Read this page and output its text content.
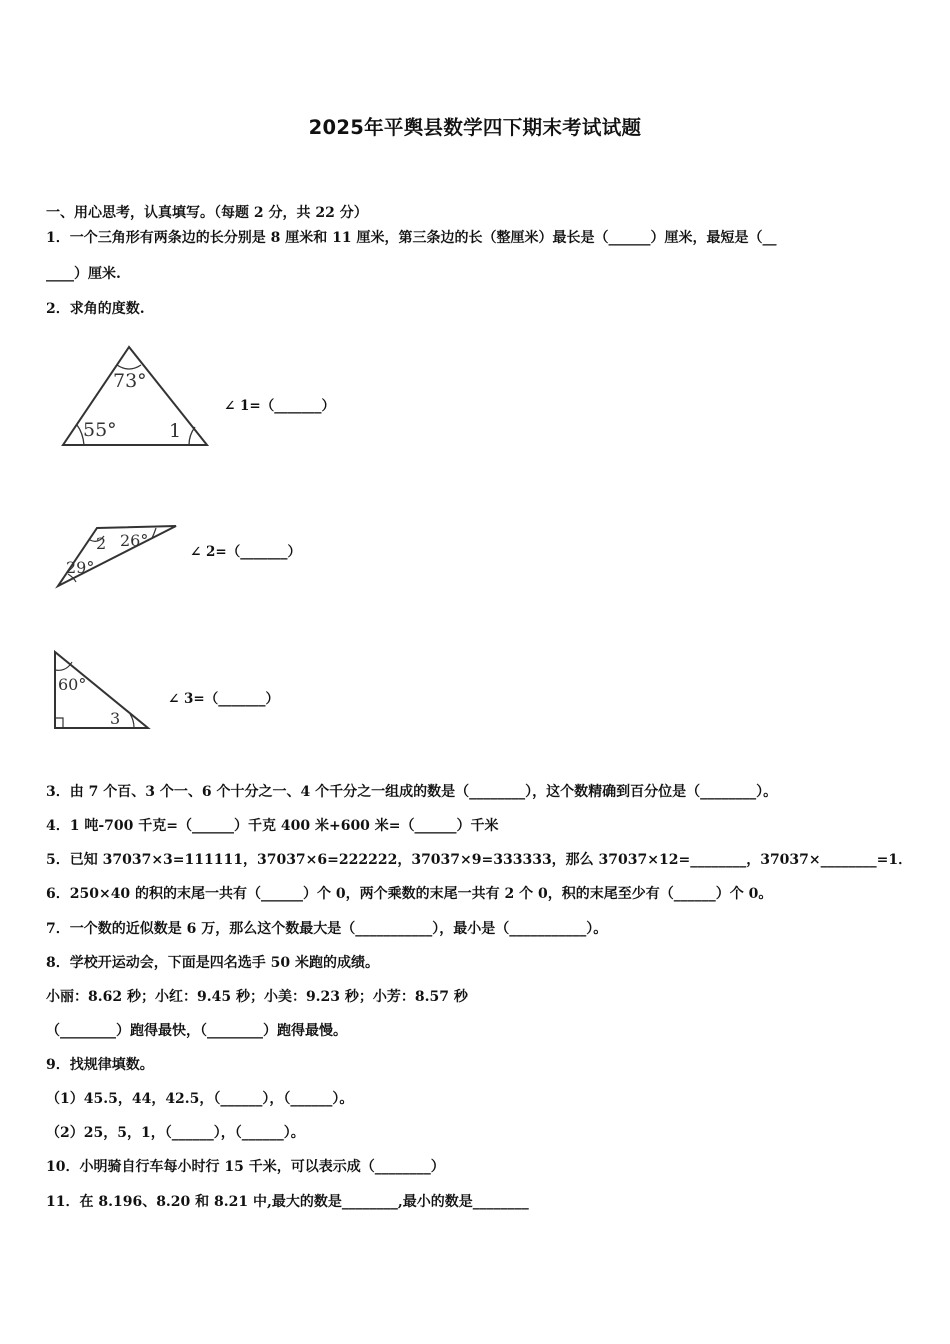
2025年平舆县数学四下期末考试试题
一、用心思考，认真填写。（每题 2 分，共 22 分）
1．一个三角形有两条边的长分别是 8 厘米和 11 厘米，第三条边的长（整厘米）最长是（______）厘米，最短是（__
____）厘米.
2．求角的度数.
73°
55°	1
∠ 1=（_______）
2 26°
29°
∠ 2=（_______）
60°
3
∠ 3=（_______）
3．由 7 个百、3 个一、6 个十分之一、4 个千分之一组成的数是（________），这个数精确到百分位是（________）。
4．1 吨-700 千克=（______）千克 400 米+600 米=（______）千米
5．已知 37037×3=111111，37037×6=222222，37037×9=333333，那么 37037×12=________，37037×________=1．
6．250×40 的积的末尾一共有（______）个 0，两个乘数的末尾一共有 2 个 0，积的末尾至少有（______）个 0。
7．一个数的近似数是 6 万，那么这个数最大是（___________），最小是（___________）。
8．学校开运动会，下面是四名选手 50 米跑的成绩。
小丽：8.62 秒；小红：9.45 秒；小美：9.23 秒；小芳：8.57 秒
（________）跑得最快，（________）跑得最慢。
9．找规律填数。
（1）45.5，44，42.5，（______），（______）。
（2）25，5，1，（______），（______）。
10．小明骑自行车每小时行 15 千米，可以表示成（________）
11．在 8.196、8.20 和 8.21 中,最大的数是________,最小的数是________
